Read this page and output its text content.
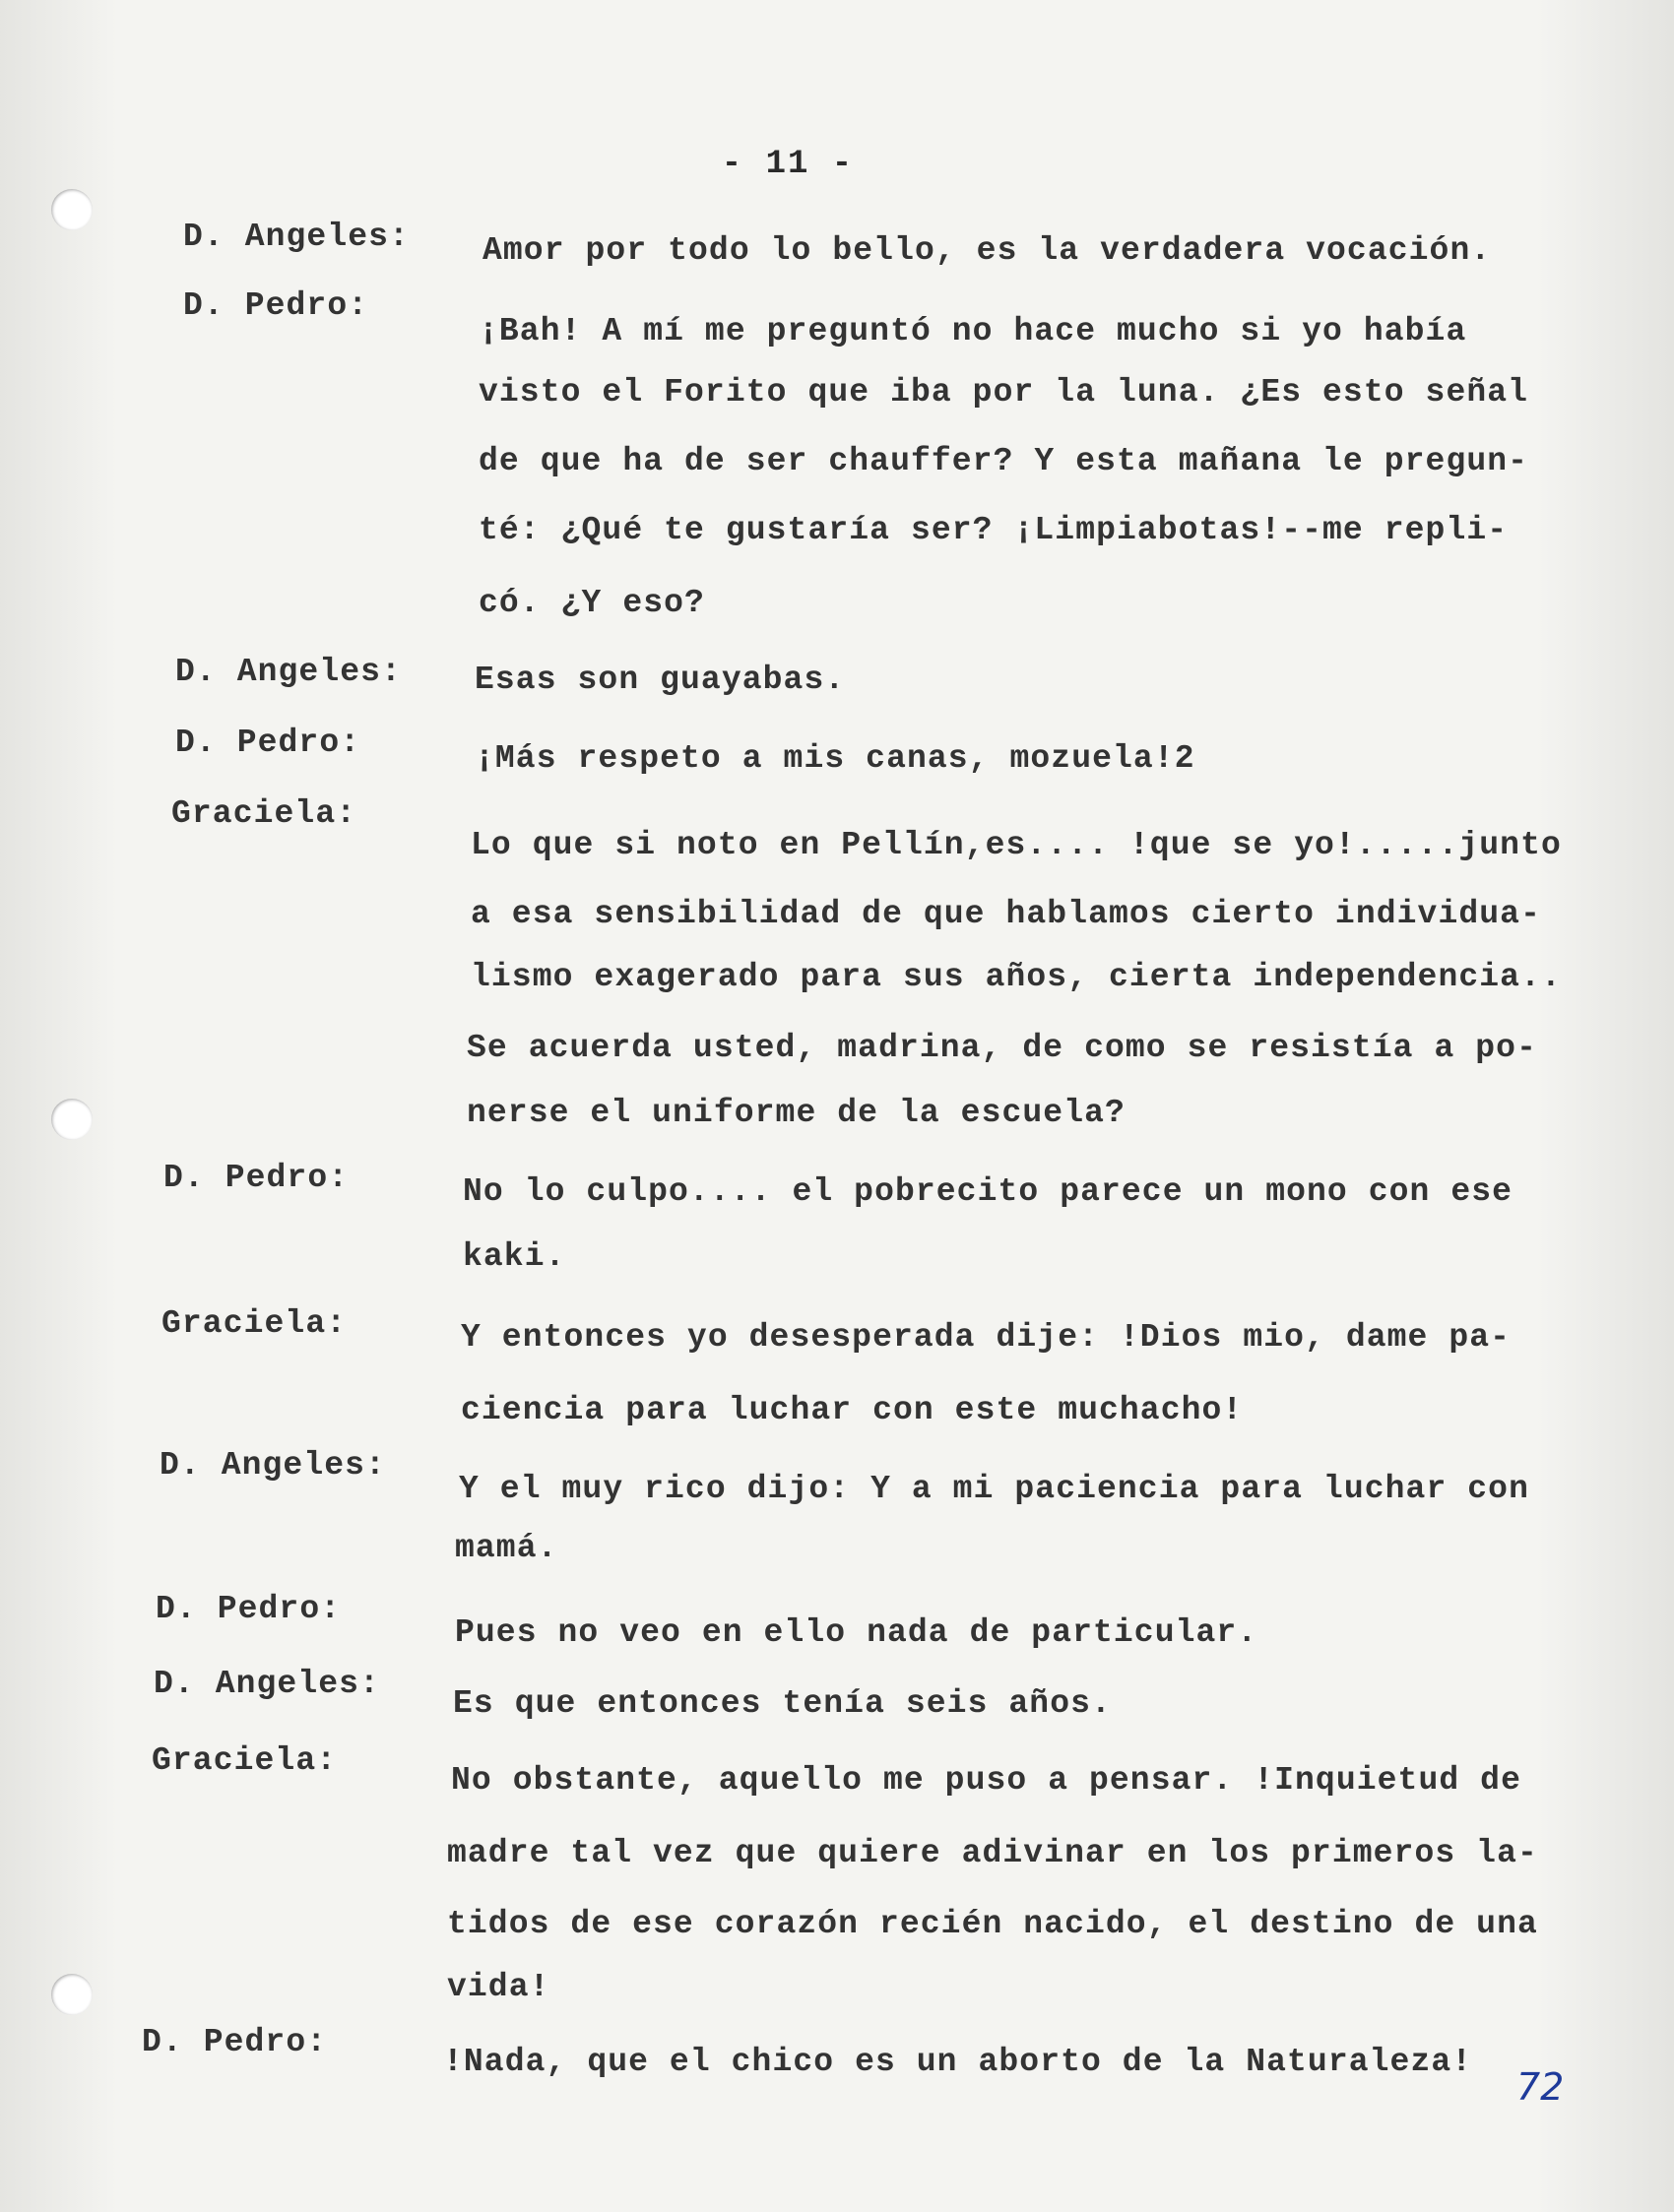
- 11 -
D. Angeles: Amor por todo lo bello, es la verdadera vocación.
D. Pedro:
¡Bah! A mí me preguntó no hace mucho si yo había
visto el Forito que iba por la luna. ¿Es esto señal
de que ha de ser chauffer? Y esta mañana le pregun-
té: ¿Qué te gustaría ser? ¡Limpiabotas!--me repli-
có. ¿Y eso?
D. Angeles: Esas son guayabas.
D. Pedro:	¡Más respeto a mis canas, mozuela!2
Graciela:
Lo que si noto en Pellín,es.... !que se yo!.....junto
a esa sensibilidad de que hablamos cierto individua-
lismo exagerado para sus años, cierta independencia..
Se acuerda usted, madrina, de como se resistía a po-
nerse el uniforme de la escuela?
D. Pedro:	No lo culpo.... el pobrecito parece un mono con ese
kaki.
Graciela:	Y entonces yo desesperada dije: !Dios mio, dame pa-
ciencia para luchar con este muchacho!
D. Angeles:
Y el muy rico dijo: Y a mi paciencia para luchar con
mamá.
D. Pedro:
Pues no veo en ello nada de particular.
D. Angeles:
Es que entonces tenía seis años.
Graciela:
No obstante, aquello me puso a pensar. !Inquietud de
madre tal vez que quiere adivinar en los primeros la-
tidos de ese corazón recién nacido, el destino de una
vida!
D. Pedro:
!Nada, que el chico es un aborto de la Naturaleza!
72
